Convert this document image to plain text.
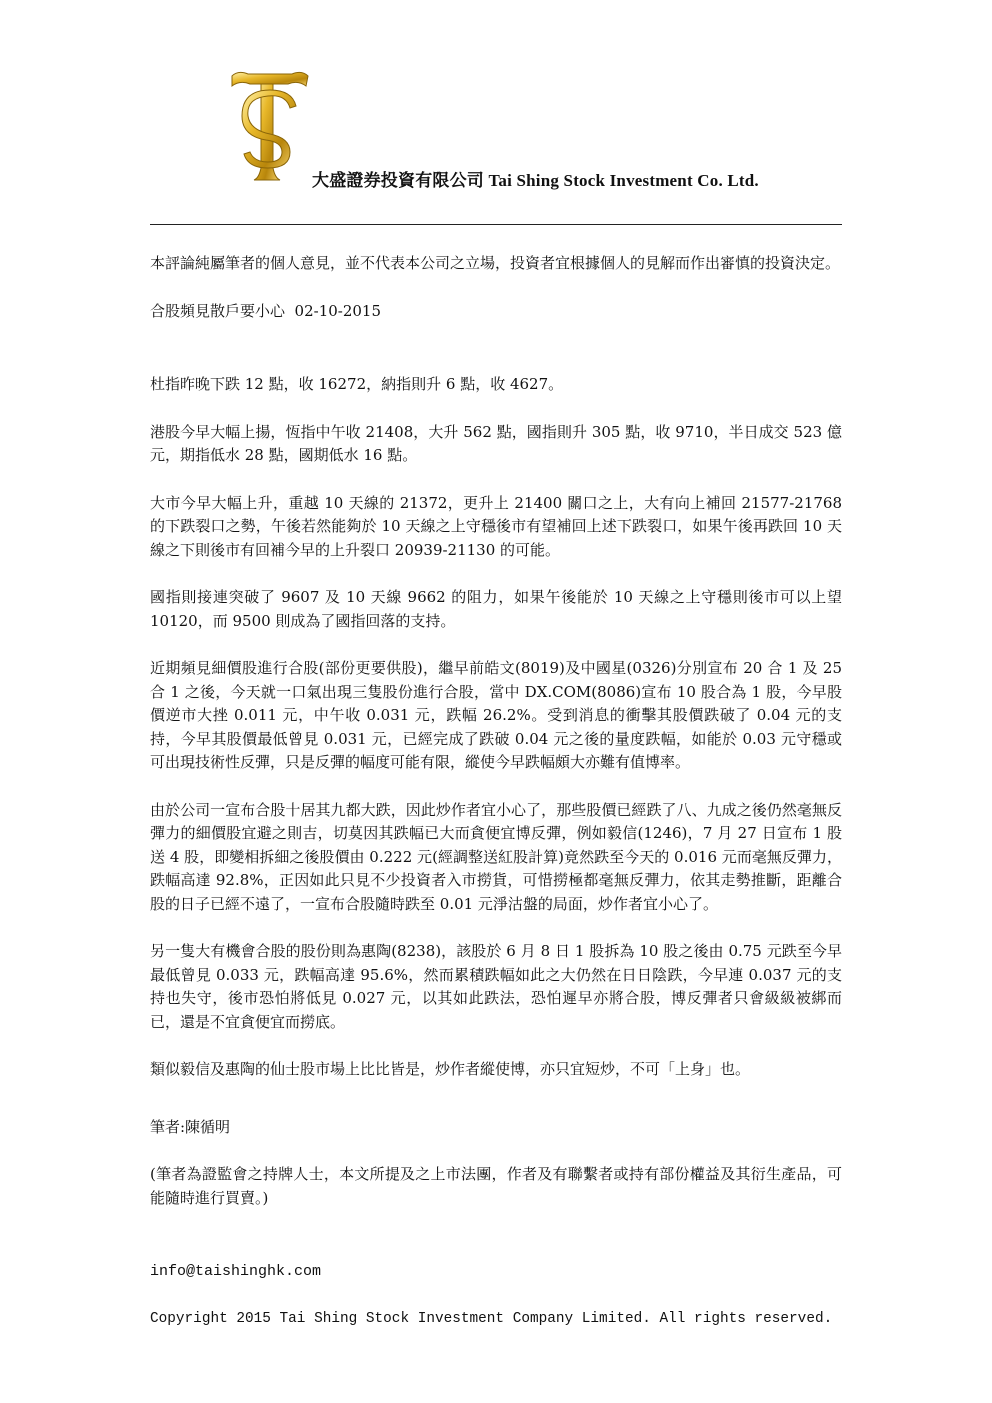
大盛證券投資有限公司 Tai Shing Stock Investment Co. Ltd.

本評論純屬筆者的個人意見，並不代表本公司之立場，投資者宜根據個人的見解而作出審慎的投資決定。

合股頻見散戶要小心  02-10-2015

杜指昨晚下跌 12 點，收 16272，納指則升 6 點，收 4627。

港股今早大幅上揚，恆指中午收 21408，大升 562 點，國指則升 305 點，收 9710，半日成交 523 億元，期指低水 28 點，國期低水 16 點。

大市今早大幅上升，重越 10 天線的 21372，更升上 21400 關口之上，大有向上補回 21577-21768 的下跌裂口之勢，午後若然能夠於 10 天線之上守穩後市有望補回上述下跌裂口，如果午後再跌回 10 天線之下則後市有回補今早的上升裂口 20939-21130 的可能。

國指則接連突破了 9607 及 10 天線 9662 的阻力，如果午後能於 10 天線之上守穩則後市可以上望 10120，而 9500 則成為了國指回落的支持。

近期頻見細價股進行合股(部份更要供股)，繼早前皓文(8019)及中國星(0326)分別宣布 20 合 1 及 25 合 1 之後，今天就一口氣出現三隻股份進行合股，當中 DX.COM(8086)宣布 10 股合為 1 股，今早股價逆市大挫 0.011 元，中午收 0.031 元，跌幅 26.2%。受到消息的衝擊其股價跌破了 0.04 元的支持，今早其股價最低曾見 0.031 元，已經完成了跌破 0.04 元之後的量度跌幅，如能於 0.03 元守穩或可出現技術性反彈，只是反彈的幅度可能有限，縱使今早跌幅頗大亦難有值博率。

由於公司一宣布合股十居其九都大跌，因此炒作者宜小心了，那些股價已經跌了八、九成之後仍然毫無反彈力的細價股宜避之則吉，切莫因其跌幅已大而貪便宜博反彈，例如毅信(1246)，7 月 27 日宣布 1 股送 4 股，即變相拆細之後股價由 0.222 元(經調整送紅股計算)竟然跌至今天的 0.016 元而毫無反彈力，跌幅高達 92.8%，正因如此只見不少投資者入市撈貨，可惜撈極都毫無反彈力，依其走勢推斷，距離合股的日子已經不遠了，一宣布合股隨時跌至 0.01 元淨沽盤的局面，炒作者宜小心了。

另一隻大有機會合股的股份則為惠陶(8238)，該股於 6 月 8 日 1 股拆為 10 股之後由 0.75 元跌至今早最低曾見 0.033 元，跌幅高達 95.6%，然而累積跌幅如此之大仍然在日日陰跌，今早連 0.037 元的支持也失守，後市恐怕將低見 0.027 元，以其如此跌法，恐怕遲早亦將合股，博反彈者只會級級被綁而已，還是不宜貪便宜而撈底。

類似毅信及惠陶的仙士股市場上比比皆是，炒作者縱使博，亦只宜短炒，不可「上身」也。

筆者:陳循明

(筆者為證監會之持牌人士，本文所提及之上市法團，作者及有聯繫者或持有部份權益及其衍生產品，可能隨時進行買賣。)

info@taishinghk.com

Copyright 2015 Tai Shing Stock Investment Company Limited. All rights reserved.
